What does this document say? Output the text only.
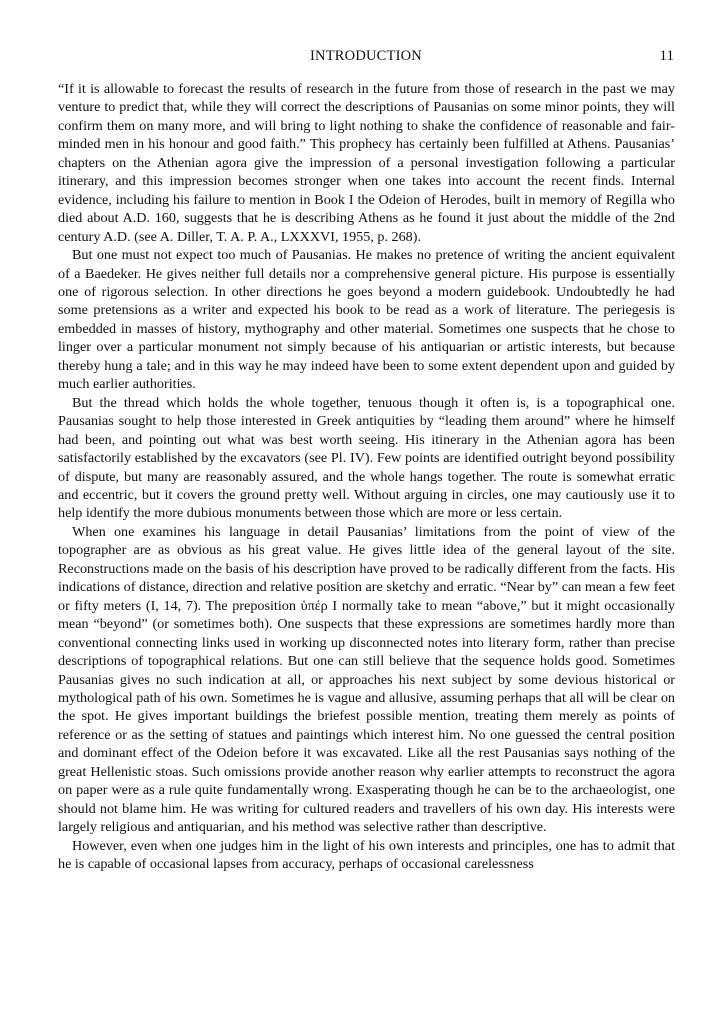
INTRODUCTION	11

“If it is allowable to forecast the results of research in the future from those of research in the past we may venture to predict that, while they will correct the descriptions of Pausanias on some minor points, they will confirm them on many more, and will bring to light nothing to shake the confidence of reasonable and fair-minded men in his honour and good faith.” This prophecy has certainly been fulfilled at Athens. Pausanias’ chapters on the Athenian agora give the impression of a personal investigation following a particular itinerary, and this impression becomes stronger when one takes into account the recent finds. Internal evidence, including his failure to mention in Book I the Odeion of Herodes, built in memory of Regilla who died about A.D. 160, suggests that he is describing Athens as he found it just about the middle of the 2nd century A.D. (see A. Diller, T. A. P. A., LXXXVI, 1955, p. 268).

But one must not expect too much of Pausanias. He makes no pretence of writing the ancient equivalent of a Baedeker. He gives neither full details nor a comprehensive general picture. His purpose is essentially one of rigorous selection. In other directions he goes beyond a modern guidebook. Undoubtedly he had some pretensions as a writer and expected his book to be read as a work of literature. The periegesis is embedded in masses of history, mythography and other material. Sometimes one suspects that he chose to linger over a particular monument not simply because of his antiquarian or artistic interests, but because thereby hung a tale; and in this way he may indeed have been to some extent dependent upon and guided by much earlier authorities.

But the thread which holds the whole together, tenuous though it often is, is a topographical one. Pausanias sought to help those interested in Greek antiquities by “leading them around” where he himself had been, and pointing out what was best worth seeing. His itinerary in the Athenian agora has been satisfactorily established by the excavators (see Pl. IV). Few points are identified outright beyond possibility of dispute, but many are reasonably assured, and the whole hangs together. The route is somewhat erratic and eccentric, but it covers the ground pretty well. Without arguing in circles, one may cautiously use it to help identify the more dubious monuments between those which are more or less certain.

When one examines his language in detail Pausanias’ limitations from the point of view of the topographer are as obvious as his great value. He gives little idea of the general layout of the site. Reconstructions made on the basis of his description have proved to be radically different from the facts. His indications of distance, direction and relative position are sketchy and erratic. “Near by” can mean a few feet or fifty meters (I, 14, 7). The preposition ὑπέρ I normally take to mean “above,” but it might occasionally mean “beyond” (or sometimes both). One suspects that these expressions are sometimes hardly more than conventional connecting links used in working up disconnected notes into literary form, rather than precise descriptions of topographical relations. But one can still believe that the sequence holds good. Sometimes Pausanias gives no such indication at all, or approaches his next subject by some devious historical or mythological path of his own. Sometimes he is vague and allusive, assuming perhaps that all will be clear on the spot. He gives important buildings the briefest possible mention, treating them merely as points of reference or as the setting of statues and paintings which interest him. No one guessed the central position and dominant effect of the Odeion before it was excavated. Like all the rest Pausanias says nothing of the great Hellenistic stoas. Such omissions provide another reason why earlier attempts to reconstruct the agora on paper were as a rule quite fundamentally wrong. Exasperating though he can be to the archaeologist, one should not blame him. He was writing for cultured readers and travellers of his own day. His interests were largely religious and antiquarian, and his method was selective rather than descriptive.

However, even when one judges him in the light of his own interests and principles, one has to admit that he is capable of occasional lapses from accuracy, perhaps of occasional carelessness
